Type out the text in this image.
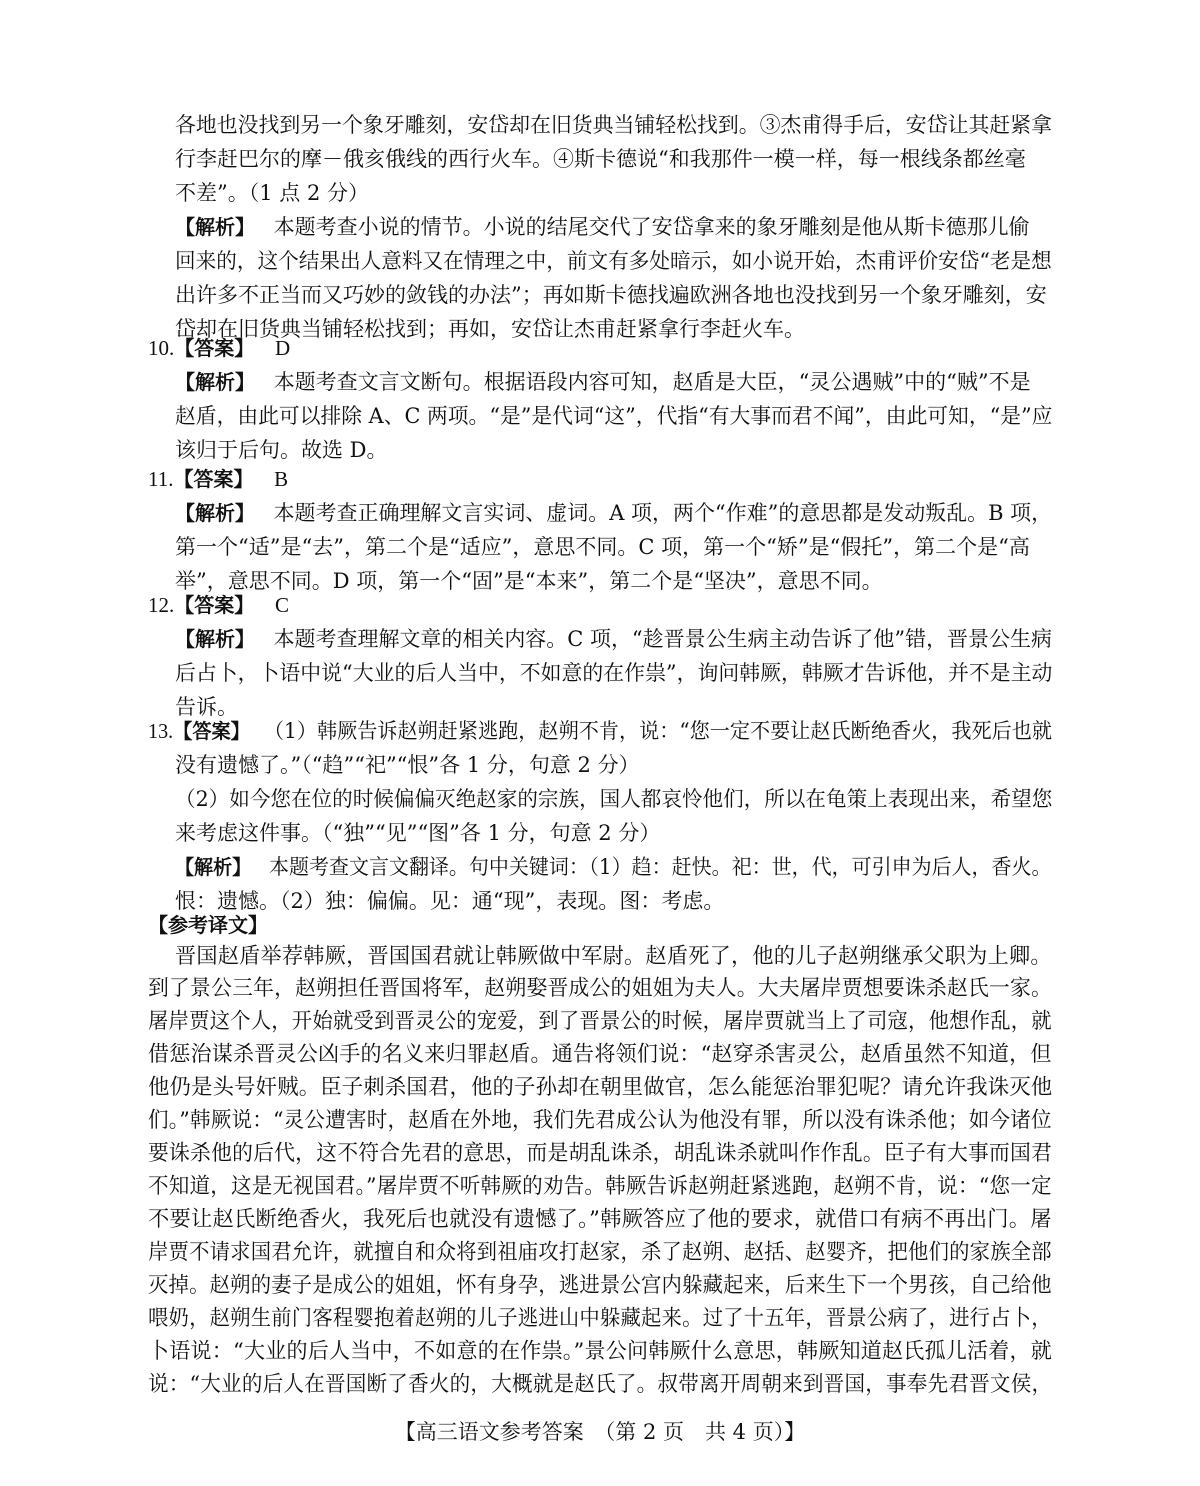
各地也没找到另一个象牙雕刻，安岱却在旧货典当铺轻松找到。③杰甫得手后，安岱让其赶紧拿
行李赶巴尔的摩－俄亥俄线的西行火车。④斯卡德说“和我那件一模一样，每一根线条都丝毫
不差”。（1 点 2 分）
【解析】 本题考查小说的情节。小说的结尾交代了安岱拿来的象牙雕刻是他从斯卡德那儿偷
回来的，这个结果出人意料又在情理之中，前文有多处暗示，如小说开始，杰甫评价安岱“老是想
出许多不正当而又巧妙的敛钱的办法”；再如斯卡德找遍欧洲各地也没找到另一个象牙雕刻，安
岱却在旧货典当铺轻松找到；再如，安岱让杰甫赶紧拿行李赶火车。
10.【答案】 D
【解析】 本题考查文言文断句。根据语段内容可知，赵盾是大臣，“灵公遇贼”中的“贼”不是
赵盾，由此可以排除 A、C 两项。“是”是代词“这”，代指“有大事而君不闻”，由此可知，“是”应
该归于后句。故选 D。
11.【答案】 B
【解析】 本题考查正确理解文言实词、虚词。A 项，两个“作难”的意思都是发动叛乱。B 项，
第一个“适”是“去”，第二个是“适应”，意思不同。C 项，第一个“矫”是“假托”，第二个是“高
举”，意思不同。D 项，第一个“固”是“本来”，第二个是“坚决”，意思不同。
12.【答案】 C
【解析】 本题考查理解文章的相关内容。C 项，“趁晋景公生病主动告诉了他”错，晋景公生病
后占卜，卜语中说“大业的后人当中，不如意的在作祟”，询问韩厥，韩厥才告诉他，并不是主动
告诉。
13.【答案】 （1）韩厥告诉赵朔赶紧逃跑，赵朔不肯，说：“您一定不要让赵氏断绝香火，我死后也就
没有遗憾了。”（“趋”“祀”“恨”各 1 分，句意 2 分）
（2）如今您在位的时候偏偏灭绝赵家的宗族，国人都哀怜他们，所以在龟策上表现出来，希望您
来考虑这件事。（“独”“见”“图”各 1 分，句意 2 分）
【解析】 本题考查文言文翻译。句中关键词：（1）趋：赶快。祀：世，代，可引申为后人，香火。
恨：遗憾。（2）独：偏偏。见：通“现”，表现。图：考虑。
【参考译文】
晋国赵盾举荐韩厥，晋国国君就让韩厥做中军尉。赵盾死了，他的儿子赵朔继承父职为上卿。
到了景公三年，赵朔担任晋国将军，赵朔娶晋成公的姐姐为夫人。大夫屠岸贾想要诛杀赵氏一家。
屠岸贾这个人，开始就受到晋灵公的宠爱，到了晋景公的时候，屠岸贾就当上了司寇，他想作乱，就
借惩治谋杀晋灵公凶手的名义来归罪赵盾。通告将领们说：“赵穿杀害灵公，赵盾虽然不知道，但
他仍是头号奸贼。臣子刺杀国君，他的子孙却在朝里做官，怎么能惩治罪犯呢？请允许我诛灭他
们。”韩厥说：“灵公遭害时，赵盾在外地，我们先君成公认为他没有罪，所以没有诛杀他；如今诸位
要诛杀他的后代，这不符合先君的意思，而是胡乱诛杀，胡乱诛杀就叫作作乱。臣子有大事而国君
不知道，这是无视国君。”屠岸贾不听韩厥的劝告。韩厥告诉赵朔赶紧逃跑，赵朔不肯，说：“您一定
不要让赵氏断绝香火，我死后也就没有遗憾了。”韩厥答应了他的要求，就借口有病不再出门。屠
岸贾不请求国君允许，就擅自和众将到祖庙攻打赵家，杀了赵朔、赵括、赵婴齐，把他们的家族全部
灭掉。赵朔的妻子是成公的姐姐，怀有身孕，逃进景公宫内躲藏起来，后来生下一个男孩，自己给他
喂奶，赵朔生前门客程婴抱着赵朔的儿子逃进山中躲藏起来。过了十五年，晋景公病了，进行占卜，
卜语说：“大业的后人当中，不如意的在作祟。”景公问韩厥什么意思，韩厥知道赵氏孤儿活着，就
说：“大业的后人在晋国断了香火的，大概就是赵氏了。叔带离开周朝来到晋国，事奉先君晋文侯，
【高三语文参考答案　（第 2 页　共 4 页）】
